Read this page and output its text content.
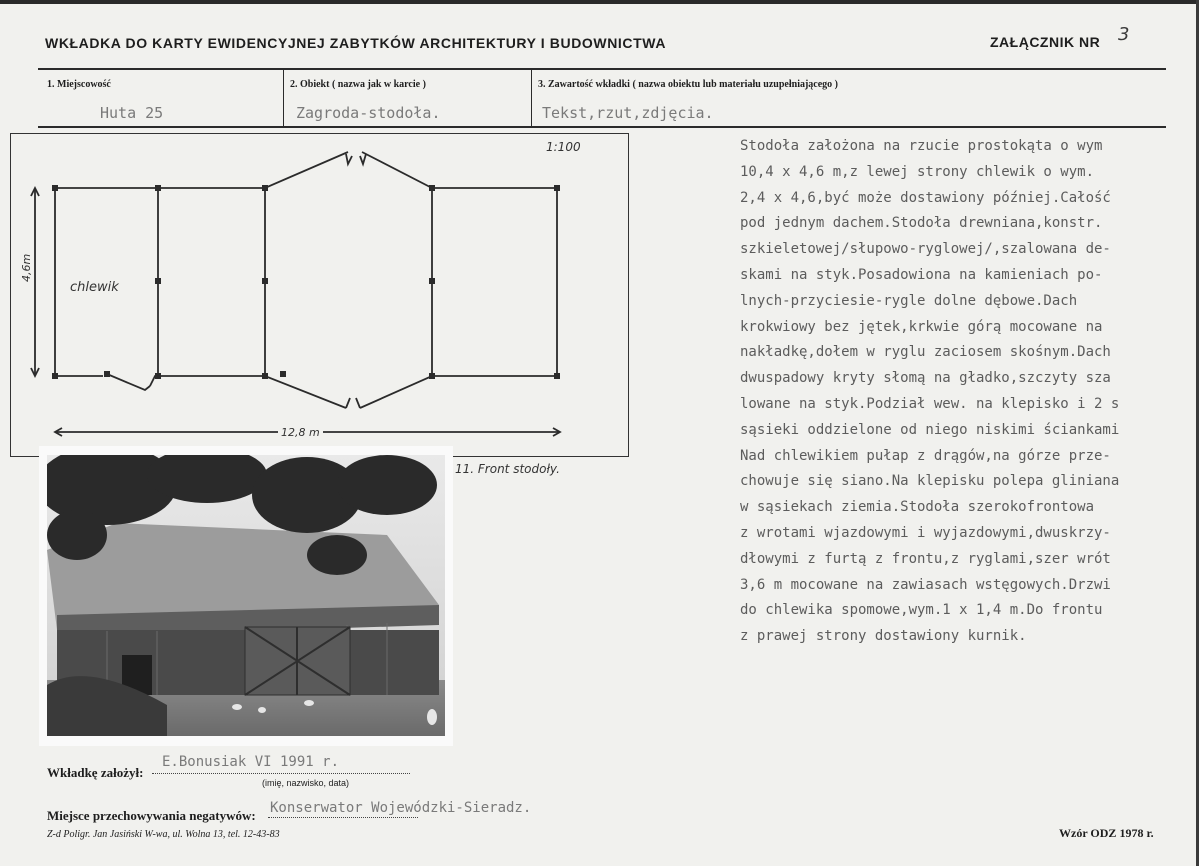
WKŁADKA DO KARTY EWIDENCYJNEJ ZABYTKÓW ARCHITEKTURY I BUDOWNICTWA	ZAŁĄCZNIK NR 3
1. Miejscowość
Huta 25
2. Obiekt ( nazwa jak w karcie )
Zagroda-stodoła.
3. Zawartość wkładki ( nazwa obiektu lub materiału uzupełniającego )
Tekst,rzut,zdjęcia.
1:100
chlewik
12,8 m
4,6m
11. Front stodoły.
Stodoła założona na rzucie prostokąta o wym
10,4 x 4,6 m,z lewej strony chlewik o wym.
2,4 x 4,6,być może dostawiony później.Całość
pod jednym dachem.Stodoła drewniana,konstr.
szkieletowej/słupowo-ryglowej/,szalowana de-
skami na styk.Posadowiona na kamieniach po-
lnych-przyciesie-rygle dolne dębowe.Dach
krokwiowy bez jętek,krkwie górą mocowane na
nakładkę,dołem w ryglu zaciosem skośnym.Dach
dwuspadowy kryty słomą na gładko,szczyty sza
lowane na styk.Podział wew. na klepisko i 2 s
sąsieki oddzielone od niego niskimi ściankami
Nad chlewikiem pułap z drągów,na górze prze-
chowuje się siano.Na klepisku polepa gliniana
w sąsiekach ziemia.Stodoła szerokofrontowa
z wrotami wjazdowymi i wyjazdowymi,dwuskrzy-
dłowymi z furtą z frontu,z ryglami,szer wrót
3,6 m mocowane na zawiasach wstęgowych.Drzwi
do chlewika spomowe,wym.1 x 1,4 m.Do frontu
z prawej strony dostawiony kurnik.
Wkładkę założył:
E.Bonusiak VI 1991 r.
(imię, nazwisko, data)
Miejsce przechowywania negatywów: Konserwator Wojewódzki-Sieradz.
Z-d Poligr. Jan Jasiński W-wa, ul. Wolna 13, tel. 12-43-83	Wzór ODZ 1978 r.
